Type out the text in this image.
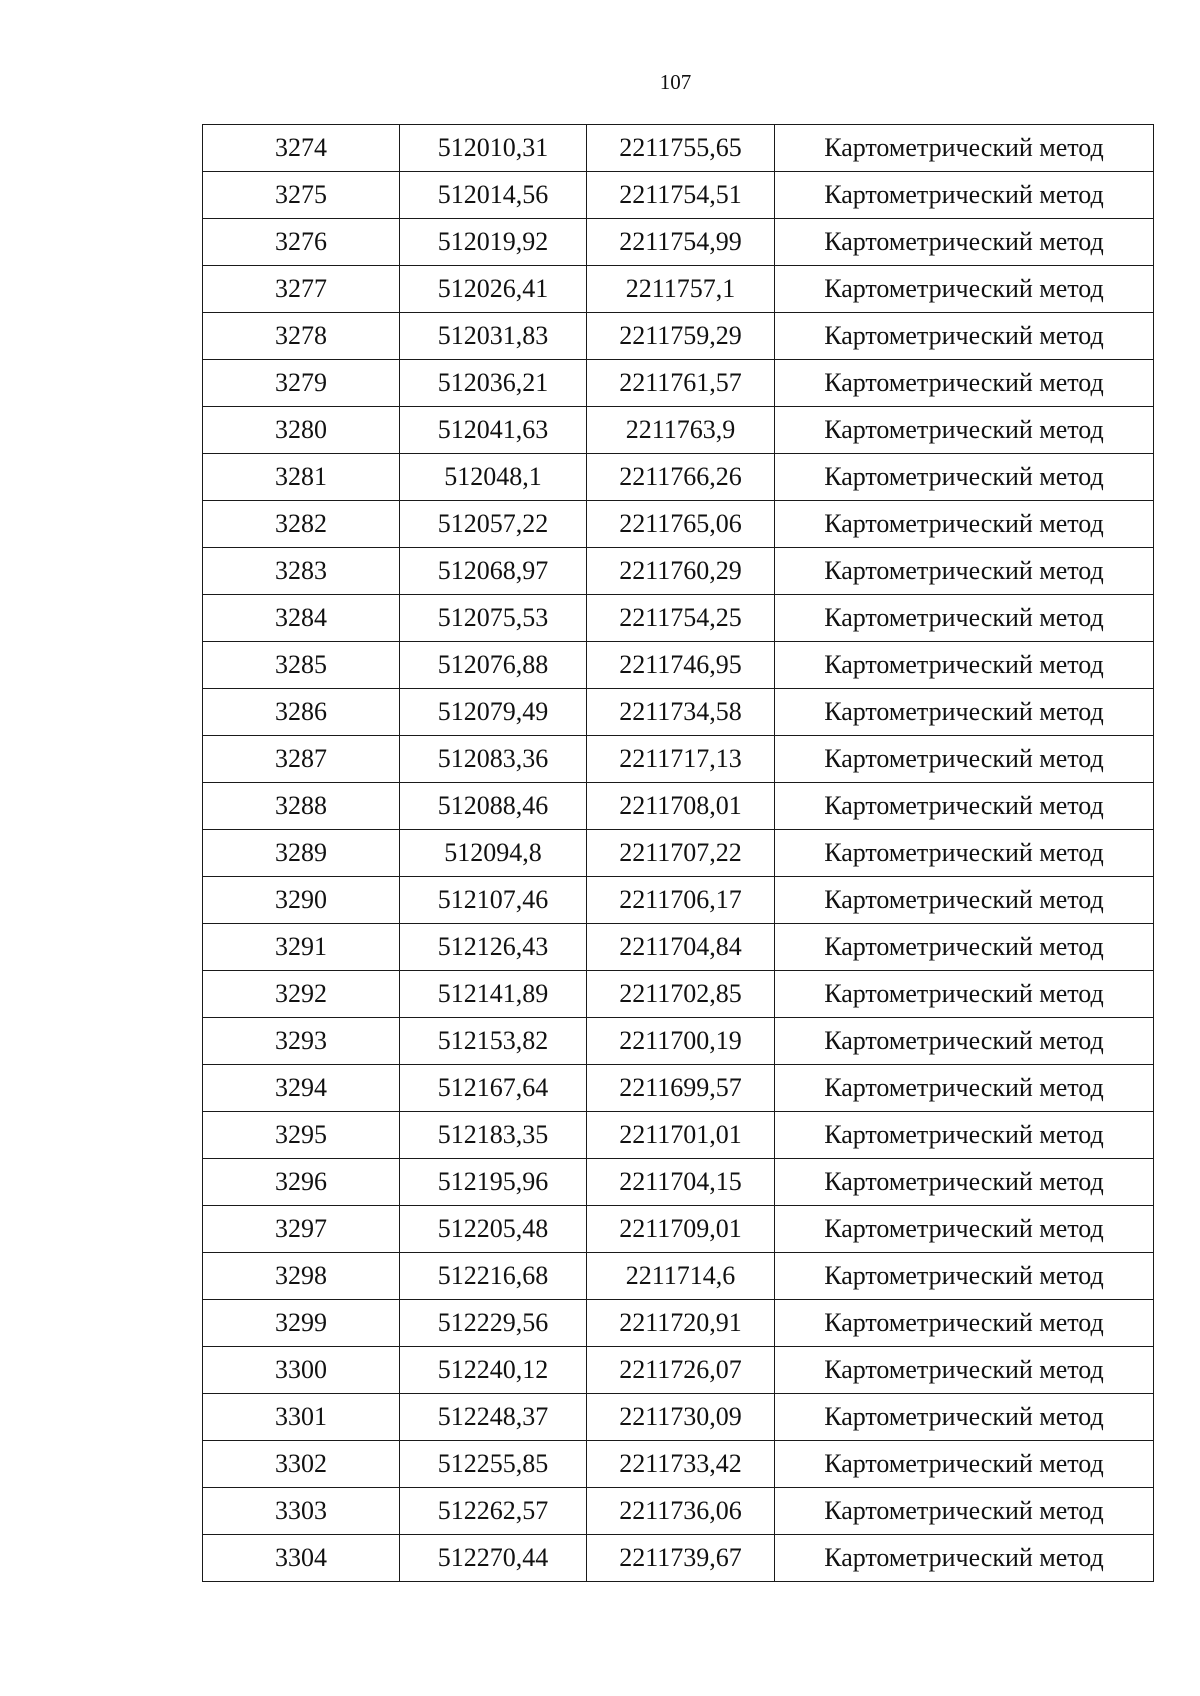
107
3274	512010,31	2211755,65	Картометрический метод
3275	512014,56	2211754,51	Картометрический метод
3276	512019,92	2211754,99	Картометрический метод
3277	512026,41	2211757,1	Картометрический метод
3278	512031,83	2211759,29	Картометрический метод
3279	512036,21	2211761,57	Картометрический метод
3280	512041,63	2211763,9	Картометрический метод
3281	512048,1	2211766,26	Картометрический метод
3282	512057,22	2211765,06	Картометрический метод
3283	512068,97	2211760,29	Картометрический метод
3284	512075,53	2211754,25	Картометрический метод
3285	512076,88	2211746,95	Картометрический метод
3286	512079,49	2211734,58	Картометрический метод
3287	512083,36	2211717,13	Картометрический метод
3288	512088,46	2211708,01	Картометрический метод
3289	512094,8	2211707,22	Картометрический метод
3290	512107,46	2211706,17	Картометрический метод
3291	512126,43	2211704,84	Картометрический метод
3292	512141,89	2211702,85	Картометрический метод
3293	512153,82	2211700,19	Картометрический метод
3294	512167,64	2211699,57	Картометрический метод
3295	512183,35	2211701,01	Картометрический метод
3296	512195,96	2211704,15	Картометрический метод
3297	512205,48	2211709,01	Картометрический метод
3298	512216,68	2211714,6	Картометрический метод
3299	512229,56	2211720,91	Картометрический метод
3300	512240,12	2211726,07	Картометрический метод
3301	512248,37	2211730,09	Картометрический метод
3302	512255,85	2211733,42	Картометрический метод
3303	512262,57	2211736,06	Картометрический метод
3304	512270,44	2211739,67	Картометрический метод
